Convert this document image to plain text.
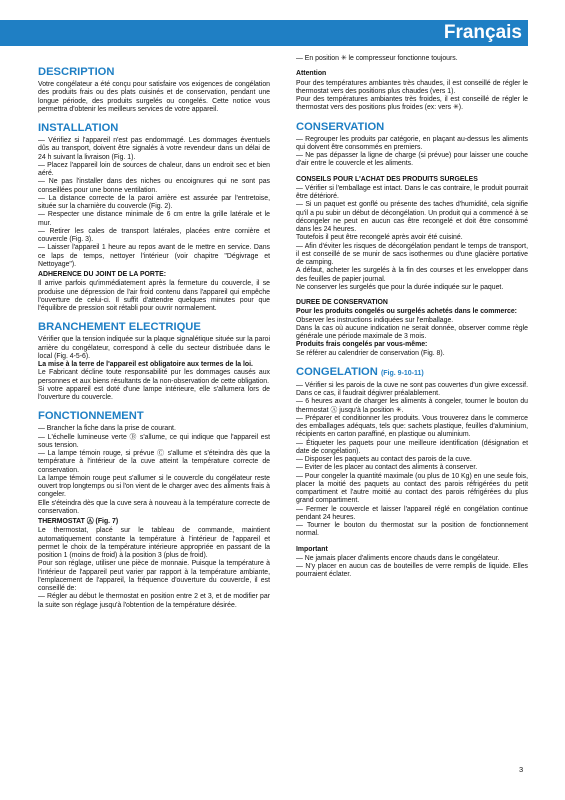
Français
DESCRIPTION

Votre congélateur a été conçu pour satisfaire vos exigences de congélation des produits frais ou des plats cuisinés et de conservation, pendant une longue période, des produits surgelés ou congelés. Cette notice vous permettra d'obtenir les meilleurs services de votre appareil.

INSTALLATION

— Vérifiez si l'appareil n'est pas endommagé. Les dommages éventuels dûs au transport, doivent être signalés à votre revendeur dans un délai de 24 h suivant la livraison (Fig. 1).

— Placez l'appareil loin de sources de chaleur, dans un endroit sec et bien aéré.

— Ne pas l'installer dans des niches ou encoignures qui ne sont pas conseillées pour une bonne ventilation.

— La distance correcte de la paroi arrière est assurée par l'entretoise, située sur la charnière du couvercle (Fig. 2).

— Respecter une distance minimale de 6 cm entre la grille latérale et le mur.

— Retirer les cales de transport latérales, placées entre cornière et couvercle (Fig. 3).

— Laisser l'appareil 1 heure au repos avant de le mettre en service. Dans ce laps de temps, nettoyer l'intérieur (voir chapitre "Dégivrage et Nettoyage").

ADHERENCE DU JOINT DE LA PORTE:

Il arrive parfois qu'immédiatement après la fermeture du couvercle, il se produise une dépression de l'air froid contenu dans l'appareil qui empêche l'ouverture de celui-ci. Il suffit d'attendre quelques minutes pour que l'équilibre de pression soit rétabli pour ouvrir normalement.

BRANCHEMENT ELECTRIQUE

Vérifier que la tension indiquée sur la plaque signalétique située sur la paroi arrière du congélateur, correspond à celle du secteur distribuée dans le local (Fig. 4-5-6).

La mise à la terre de l'appareil est obligatoire aux termes de la loi.

Le Fabricant décline toute responsabilité pur les dommages causés aux personnes et aux biens résultants de la non-observation de cette obligation.

Si votre appareil est doté d'une lampe intérieure, elle s'allumera lors de l'ouverture du couvercle.

FONCTIONNEMENT

— Brancher la fiche dans la prise de courant.

— L'échelle lumineuse verte Ⓑ s'allume, ce qui indique que l'appareil est sous tension.

— La lampe témoin rouge, si prévue Ⓒ s'allume et s'éteindra dès que la température à l'intérieur de la cuve atteint la température correcte de conservation.

La lampe témoin rouge peut s'allumer si le couvercle du congélateur reste ouvert trop longtemps ou si l'on vient de le charger avec des aliments frais à congeler.

Elle s'éteindra dès que la cuve sera à nouveau à la température correcte de conservation.

THERMOSTAT Ⓐ (Fig. 7)

Le thermostat, placé sur le tableau de commande, maintient automatiquement constante la température à l'intérieur de l'appareil et permet le choix de la température intérieure appropriée en passant de la position 1 (moins de froid) à la position 3 (plus de froid).

Pour son réglage, utiliser une pièce de monnaie. Puisque la température à l'intérieur de l'appareil peut varier par rapport à la température ambiante, l'emplacement de l'appareil, la fréquence d'ouverture du couvercle, il est conseillé de:

— Régler au début le thermostat en position entre 2 et 3, et de modifier par la suite son réglage jusqu'à l'obtention de la température désirée.

— En position ✳ le compresseur fonctionne toujours.

Attention

Pour des températures ambiantes très chaudes, il est conseillé de régler le thermostat vers des positions plus chaudes (vers 1).

Pour des températures ambiantes très froides, il est conseillé de régler le thermostat vers des positions plus froides (ex: vers ✳).

CONSERVATION

— Regrouper les produits par catégorie, en plaçant au-dessus les aliments qui doivent être consommés en premiers.

— Ne pas dépasser la ligne de charge (si prévue) pour laisser une couche d'air entre le couvercle et les aliments.

CONSEILS POUR L'ACHAT DES PRODUITS SURGELES

— Vérifier si l'emballage est intact. Dans le cas contraire, le produit pourrait être détérioré.

— Si un paquet est gonflé ou présente des taches d'humidité, cela signifie qu'il a pu subir un début de décongélation. Un produit qui a commencé à se décongeler ne peut en aucun cas être recongelé et doit être consommé dans les 24 heures.

Toutefois il peut être recongelé après avoir été cuisiné.

— Afin d'éviter les risques de décongélation pendant le temps de transport, il est conseillé de se munir de sacs isothermes ou d'une glacière portative de camping.

A défaut, acheter les surgelés à la fin des courses et les envelopper dans des feuilles de papier journal.

Ne conserver les surgelés que pour la durée indiquée sur le paquet.

DUREE DE CONSERVATION

Pour les produits congelés ou surgelés achetés dans le commerce:

Observer les instructions indiquées sur l'emballage.

Dans la cas où aucune indication ne serait donnée, observer comme règle générale une période maximale de 3 mois.

Produits frais congelés par vous-même:

Se référer au calendrier de conservation (Fig. 8).

CONGELATION (Fig. 9-10-11)

— Vérifier si les parois de la cuve ne sont pas couvertes d'un givre excessif. Dans ce cas, il faudrait dégivrer préalablement.

— 6 heures avant de charger les aliments à congeler, tourner le bouton du thermostat Ⓐ jusqu'à la position ✳.

— Préparer et conditionner les produits. Vous trouverez dans le commerce des emballages adéquats, tels que: sachets plastique, feuilles d'aluminium, récipients en carton paraffiné, en plastique ou aluminium.

— Étiqueter les paquets pour une meilleure identification (désignation et date de congélation).

— Disposer les paquets au contact des parois de la cuve.

— Eviter de les placer au contact des aliments à conserver.

— Pour congeler la quantité maximale (ou plus de 10 Kg) en une seule fois, placer la moitié des paquets au contact des parois réfrigérées du petit compartiment et l'autre moitié au contact des parois réfrigérées du plus grand compartiment.

— Fermer le couvercle et laisser l'appareil réglé en congélation continue pendant 24 heures.

— Tourner le bouton du thermostat sur la position de fonctionnement normal.

Important

— Ne jamais placer d'aliments encore chauds dans le congélateur.

— N'y placer en aucun cas de bouteilles de verre remplis de liquide. Elles pourraient éclater.

3
